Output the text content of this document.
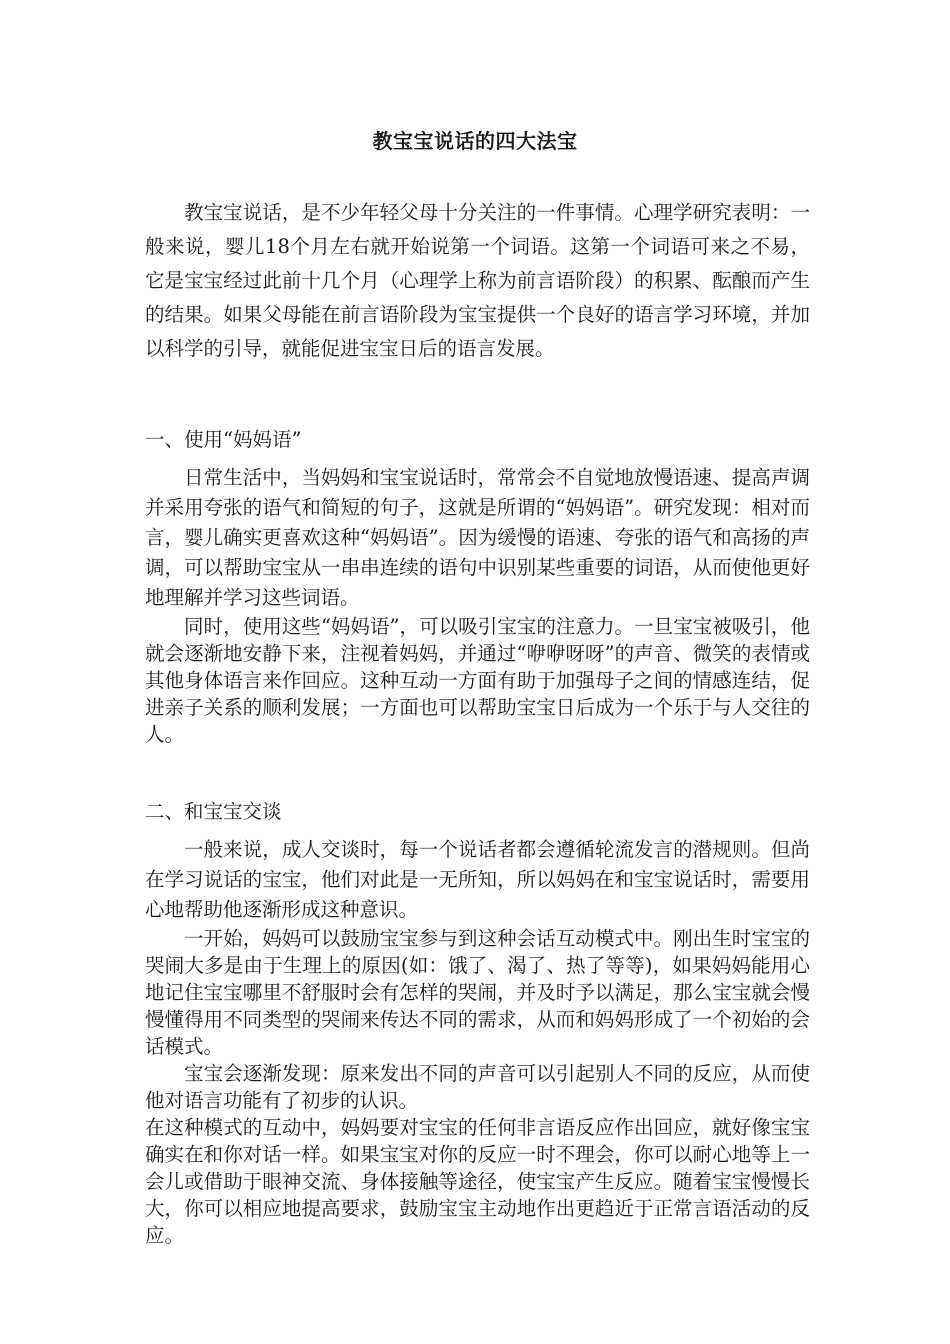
教宝宝说话的四大法宝

教宝宝说话，是不少年轻父母十分关注的一件事情。心理学研究表明：一般来说，婴儿18个月左右就开始说第一个词语。这第一个词语可来之不易，它是宝宝经过此前十几个月（心理学上称为前言语阶段）的积累、酝酿而产生的结果。如果父母能在前言语阶段为宝宝提供一个良好的语言学习环境，并加以科学的引导，就能促进宝宝日后的语言发展。

一、使用“妈妈语”

日常生活中，当妈妈和宝宝说话时，常常会不自觉地放慢语速、提高声调并采用夸张的语气和简短的句子，这就是所谓的“妈妈语”。研究发现：相对而言，婴儿确实更喜欢这种“妈妈语”。因为缓慢的语速、夸张的语气和高扬的声调，可以帮助宝宝从一串串连续的语句中识别某些重要的词语，从而使他更好地理解并学习这些词语。

同时，使用这些“妈妈语”，可以吸引宝宝的注意力。一旦宝宝被吸引，他就会逐渐地安静下来，注视着妈妈，并通过“咿咿呀呀”的声音、微笑的表情或其他身体语言来作回应。这种互动一方面有助于加强母子之间的情感连结，促进亲子关系的顺利发展；一方面也可以帮助宝宝日后成为一个乐于与人交往的人。

二、和宝宝交谈

一般来说，成人交谈时，每一个说话者都会遵循轮流发言的潜规则。但尚在学习说话的宝宝，他们对此是一无所知，所以妈妈在和宝宝说话时，需要用心地帮助他逐渐形成这种意识。

一开始，妈妈可以鼓励宝宝参与到这种会话互动模式中。刚出生时宝宝的哭闹大多是由于生理上的原因(如：饿了、渴了、热了等等)，如果妈妈能用心地记住宝宝哪里不舒服时会有怎样的哭闹，并及时予以满足，那么宝宝就会慢慢懂得用不同类型的哭闹来传达不同的需求，从而和妈妈形成了一个初始的会话模式。

宝宝会逐渐发现：原来发出不同的声音可以引起别人不同的反应，从而使他对语言功能有了初步的认识。

在这种模式的互动中，妈妈要对宝宝的任何非言语反应作出回应，就好像宝宝确实在和你对话一样。如果宝宝对你的反应一时不理会，你可以耐心地等上一会儿或借助于眼神交流、身体接触等途径，使宝宝产生反应。随着宝宝慢慢长大，你可以相应地提高要求，鼓励宝宝主动地作出更趋近于正常言语活动的反应。
